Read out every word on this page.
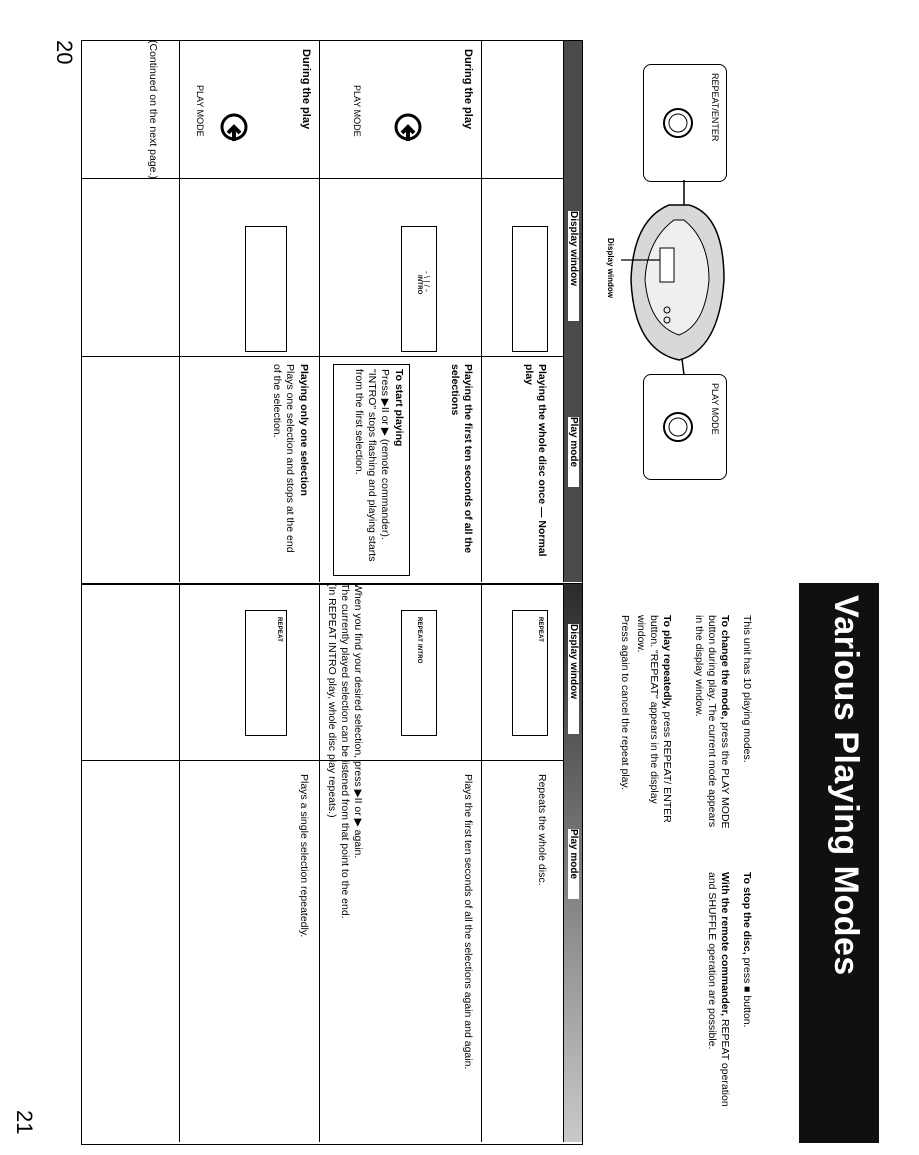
20	(Continued on the next page.)
Various Playing Modes
REPEAT/ENTER
PLAY MODE
Display window
Display window
Play mode
Playing the whole disc once — Normal play
During the play
PLAY MODE
INTRO - \ | / -
Playing the first ten seconds of all the selections
To start playing
Press ▶II or ▶ (remote commander). "INTRO" stops flashing and playing starts from the first selection.
During the play
PLAY MODE
Playing only one selection
Plays one selection and stops at the end of the selection.
21
This unit has 10 playing modes.
To change the mode, press the PLAY MODE button during play. The current mode appears in the display window.
To play repeatedly, press REPEAT/ ENTER button. "REPEAT" appears in the display window.
Press again to cancel the repeat play.
To stop the disc, press ■ button.
With the remote commander, REPEAT operation and SHUFFLE operation are possible.
Display window
Play mode
REPEAT
Repeats the whole disc.
REPEAT INTRO
Plays the first ten seconds of all the selections again and again.
REPEAT
Plays a single selection repeatedly.	When you find your desired selection, press ▶II or ▶ again.
The currently played selection can be listened from that point to the end.
(In REPEAT INTRO play, whole disc play repeats.)
